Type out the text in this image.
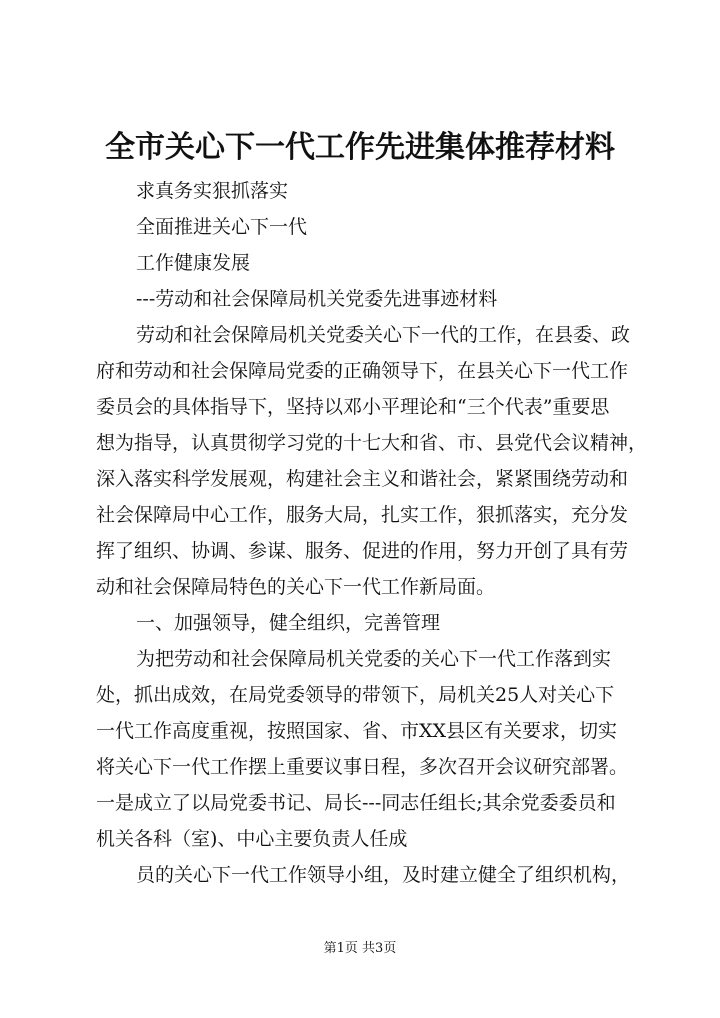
全市关心下一代工作先进集体推荐材料

求真务实狠抓落实

全面推进关心下一代

工作健康发展

---劳动和社会保障局机关党委先进事迹材料

劳动和社会保障局机关党委关心下一代的工作，在县委、政

府和劳动和社会保障局党委的正确领导下，在县关心下一代工作

委员会的具体指导下，坚持以邓小平理论和“三个代表”重要思

想为指导，认真贯彻学习党的十七大和省、市、县党代会议精神，

深入落实科学发展观，构建社会主义和谐社会，紧紧围绕劳动和

社会保障局中心工作，服务大局，扎实工作，狠抓落实，充分发

挥了组织、协调、参谋、服务、促进的作用，努力开创了具有劳

动和社会保障局特色的关心下一代工作新局面。

一、加强领导，健全组织，完善管理

为把劳动和社会保障局机关党委的关心下一代工作落到实

处，抓出成效，在局党委领导的带领下，局机关25人对关心下

一代工作高度重视，按照国家、省、市XX县区有关要求，切实

将关心下一代工作摆上重要议事日程，多次召开会议研究部署。

一是成立了以局党委书记、局长---同志任组长;其余党委委员和

机关各科（室)、中心主要负责人任成

员的关心下一代工作领导小组，及时建立健全了组织机构，

第1页 共3页
